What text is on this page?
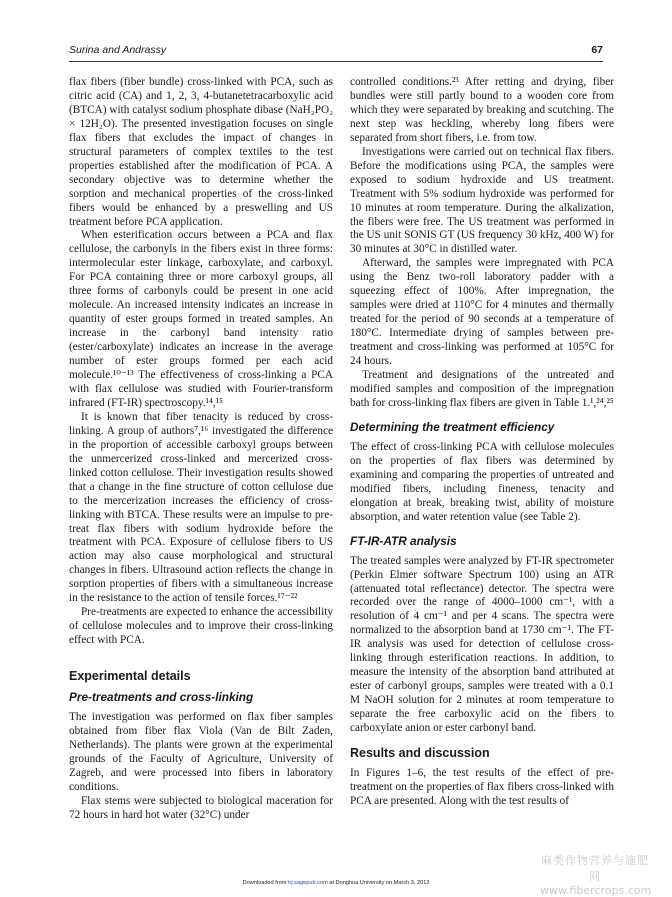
Surina and Andrassy	67

flax fibers (fiber bundle) cross-linked with PCA, such as citric acid (CA) and 1, 2, 3, 4-butanetetracarboxylic acid (BTCA) with catalyst sodium phosphate dibase (NaH₂PO₂ × 12H₂O). The presented investigation focuses on single flax fibers that excludes the impact of changes in structural parameters of complex textiles to the test properties established after the modification of PCA. A secondary objective was to determine whether the sorption and mechanical properties of the cross-linked fibers would be enhanced by a preswelling and US treatment before PCA application.

When esterification occurs between a PCA and flax cellulose, the carbonyls in the fibers exist in three forms: intermolecular ester linkage, carboxylate, and carboxyl. For PCA containing three or more carboxyl groups, all three forms of carbonyls could be present in one acid molecule. An increased intensity indicates an increase in quantity of ester groups formed in treated samples. An increase in the carbonyl band intensity ratio (ester/carboxylate) indicates an increase in the average number of ester groups formed per each acid molecule.¹⁰⁻¹³ The effectiveness of cross-linking a PCA with flax cellulose was studied with Fourier-transform infrared (FT-IR) spectroscopy.¹⁴,¹⁵

It is known that fiber tenacity is reduced by cross-linking. A group of authors⁷,¹⁶ investigated the difference in the proportion of accessible carboxyl groups between the unmercerized cross-linked and mercerized cross-linked cotton cellulose. Their investigation results showed that a change in the fine structure of cotton cellulose due to the mercerization increases the efficiency of cross-linking with BTCA. These results were an impulse to pre-treat flax fibers with sodium hydroxide before the treatment with PCA. Exposure of cellulose fibers to US action may also cause morphological and structural changes in fibers. Ultrasound action reflects the change in sorption properties of fibers with a simultaneous increase in the resistance to the action of tensile forces.¹⁷⁻²²

Pre-treatments are expected to enhance the accessibility of cellulose molecules and to improve their cross-linking effect with PCA.

Experimental details
Pre-treatments and cross-linking

The investigation was performed on flax fiber samples obtained from fiber flax Viola (Van de Bilt Zaden, Netherlands). The plants were grown at the experimental grounds of the Faculty of Agriculture, University of Zagreb, and were processed into fibers in laboratory conditions.

Flax stems were subjected to biological maceration for 72 hours in hard hot water (32°C) under

controlled conditions.²³ After retting and drying, fiber bundles were still partly bound to a wooden core from which they were separated by breaking and scutching. The next step was heckling, whereby long fibers were separated from short fibers, i.e. from tow.

Investigations were carried out on technical flax fibers. Before the modifications using PCA, the samples were exposed to sodium hydroxide and US treatment. Treatment with 5% sodium hydroxide was performed for 10 minutes at room temperature. During the alkalization, the fibers were free. The US treatment was performed in the US unit SONIS GT (US frequency 30 kHz, 400 W) for 30 minutes at 30°C in distilled water.

Afterward, the samples were impregnated with PCA using the Benz two-roll laboratory padder with a squeezing effect of 100%. After impregnation, the samples were dried at 110°C for 4 minutes and thermally treated for the period of 90 seconds at a temperature of 180°C. Intermediate drying of samples between pre-treatment and cross-linking was performed at 105°C for 24 hours.

Treatment and designations of the untreated and modified samples and composition of the impregnation bath for cross-linking flax fibers are given in Table 1.¹,²⁴,²⁵

Determining the treatment efficiency

The effect of cross-linking PCA with cellulose molecules on the properties of flax fibers was determined by examining and comparing the properties of untreated and modified fibers, including fineness, tenacity and elongation at break, breaking twist, ability of moisture absorption, and water retention value (see Table 2).

FT-IR-ATR analysis

The treated samples were analyzed by FT-IR spectrometer (Perkin Elmer software Spectrum 100) using an ATR (attenuated total reflectance) detector. The spectra were recorded over the range of 4000–1000 cm⁻¹, with a resolution of 4 cm⁻¹ and per 4 scans. The spectra were normalized to the absorption band at 1730 cm⁻¹. The FT-IR analysis was used for detection of cellulose cross-linking through esterification reactions. In addition, to measure the intensity of the absorption band attributed at ester of carbonyl groups, samples were treated with a 0.1 M NaOH solution for 2 minutes at room temperature to separate the free carboxylic acid on the fibers to carboxylate anion or ester carbonyl band.

Results and discussion

In Figures 1–6, the test results of the effect of pre-treatment on the properties of flax fibers cross-linked with PCA are presented. Along with the test results of

Downloaded from trj.sagepub.com at Donghua University on March 3, 2013
麻类作物营养与施肥网
www.fibercrops.com
